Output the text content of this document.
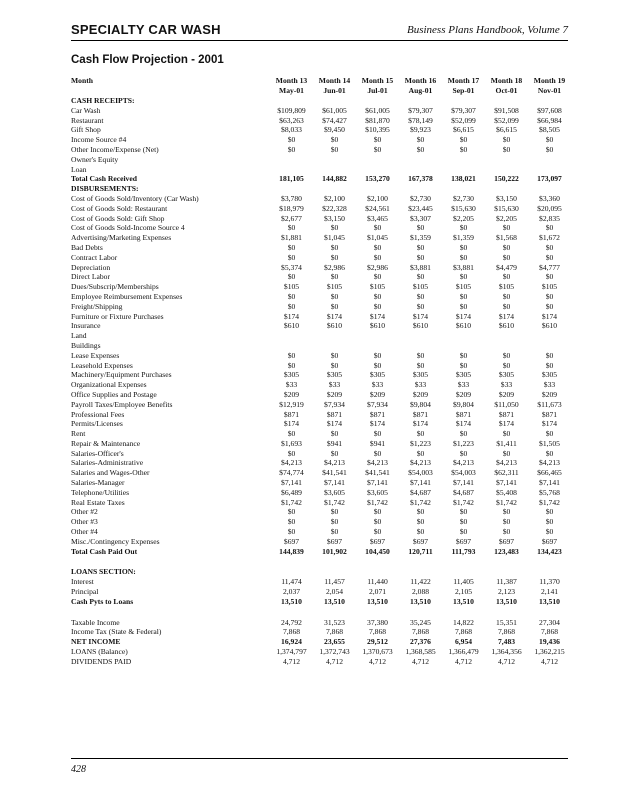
SPECIALTY CAR WASH	Business Plans Handbook, Volume 7
Cash Flow Projection - 2001
Month	Month 13	Month 14	Month 15	Month 16	Month 17	Month 18	Month 19
	May-01	Jun-01	Jul-01	Aug-01	Sep-01	Oct-01	Nov-01
CASH RECEIPTS:							
Car Wash	$109,809	$61,005	$61,005	$79,307	$79,307	$91,508	$97,608
Restaurant	$63,263	$74,427	$81,870	$78,149	$52,099	$52,099	$66,984
Gift Shop	$8,033	$9,450	$10,395	$9,923	$6,615	$6,615	$8,505
Income Source #4	$0	$0	$0	$0	$0	$0	$0
Other Income/Expense (Net)	$0	$0	$0	$0	$0	$0	$0
Owner's Equity							
Loan							
Total Cash Received	181,105	144,882	153,270	167,378	138,021	150,222	173,097
DISBURSEMENTS:							
Cost of Goods Sold/Inventory (Car Wash)	$3,780	$2,100	$2,100	$2,730	$2,730	$3,150	$3,360
Cost of Goods Sold: Restaurant	$18,979	$22,328	$24,561	$23,445	$15,630	$15,630	$20,095
Cost of Goods Sold: Gift Shop	$2,677	$3,150	$3,465	$3,307	$2,205	$2,205	$2,835
Cost of Goods Sold-Income Source 4	$0	$0	$0	$0	$0	$0	$0
Advertising/Marketing Expenses	$1,881	$1,045	$1,045	$1,359	$1,359	$1,568	$1,672
Bad Debts	$0	$0	$0	$0	$0	$0	$0
Contract Labor	$0	$0	$0	$0	$0	$0	$0
Depreciation	$5,374	$2,986	$2,986	$3,881	$3,881	$4,479	$4,777
Direct Labor	$0	$0	$0	$0	$0	$0	$0
Dues/Subscrip/Memberships	$105	$105	$105	$105	$105	$105	$105
Employee Reimbursement Expenses	$0	$0	$0	$0	$0	$0	$0
Freight/Shipping	$0	$0	$0	$0	$0	$0	$0
Furniture or Fixture Purchases	$174	$174	$174	$174	$174	$174	$174
Insurance	$610	$610	$610	$610	$610	$610	$610
Land							
Buildings							
Lease Expenses	$0	$0	$0	$0	$0	$0	$0
Leasehold Expenses	$0	$0	$0	$0	$0	$0	$0
Machinery/Equipment Purchases	$305	$305	$305	$305	$305	$305	$305
Organizational Expenses	$33	$33	$33	$33	$33	$33	$33
Office Supplies and Postage	$209	$209	$209	$209	$209	$209	$209
Payroll Taxes/Employee Benefits	$12,919	$7,934	$7,934	$9,804	$9,804	$11,050	$11,673
Professional Fees	$871	$871	$871	$871	$871	$871	$871
Permits/Licenses	$174	$174	$174	$174	$174	$174	$174
Rent	$0	$0	$0	$0	$0	$0	$0
Repair & Maintenance	$1,693	$941	$941	$1,223	$1,223	$1,411	$1,505
Salaries-Officer's	$0	$0	$0	$0	$0	$0	$0
Salaries-Administrative	$4,213	$4,213	$4,213	$4,213	$4,213	$4,213	$4,213
Salaries and Wages-Other	$74,774	$41,541	$41,541	$54,003	$54,003	$62,311	$66,465
Salaries-Manager	$7,141	$7,141	$7,141	$7,141	$7,141	$7,141	$7,141
Telephone/Utilities	$6,489	$3,605	$3,605	$4,687	$4,687	$5,408	$5,768
Real Estate Taxes	$1,742	$1,742	$1,742	$1,742	$1,742	$1,742	$1,742
Other #2	$0	$0	$0	$0	$0	$0	$0
Other #3	$0	$0	$0	$0	$0	$0	$0
Other #4	$0	$0	$0	$0	$0	$0	$0
Misc./Contingency Expenses	$697	$697	$697	$697	$697	$697	$697
Total Cash Paid Out	144,839	101,902	104,450	120,711	111,793	123,483	134,423

LOANS SECTION:							
Interest	11,474	11,457	11,440	11,422	11,405	11,387	11,370
Principal	2,037	2,054	2,071	2,088	2,105	2,123	2,141
Cash Pyts to Loans	13,510	13,510	13,510	13,510	13,510	13,510	13,510

Taxable Income	24,792	31,523	37,380	35,245	14,822	15,351	27,304
Income Tax (State & Federal)	7,868	7,868	7,868	7,868	7,868	7,868	7,868
NET INCOME	16,924	23,655	29,512	27,376	6,954	7,483	19,436
LOANS (Balance)	1,374,797	1,372,743	1,370,673	1,368,585	1,366,479	1,364,356	1,362,215
DIVIDENDS PAID	4,712	4,712	4,712	4,712	4,712	4,712	4,712
428
